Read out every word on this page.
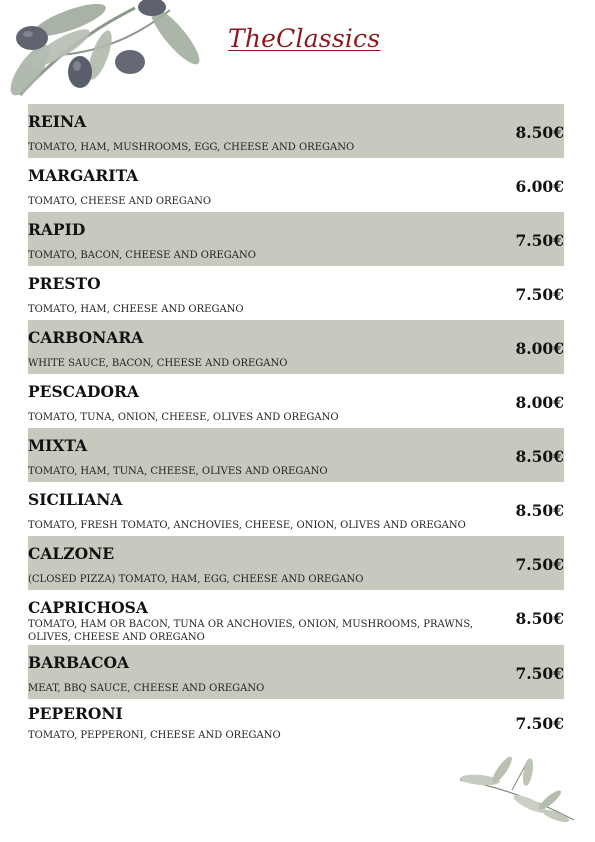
TheClassics
REINA
TOMATO, HAM, MUSHROOMS, EGG, CHEESE AND OREGANO
8.50€
MARGARITA
TOMATO, CHEESE AND OREGANO
6.00€
RAPID
TOMATO, BACON, CHEESE AND OREGANO
7.50€
PRESTO
TOMATO, HAM, CHEESE AND OREGANO
7.50€
CARBONARA
WHITE SAUCE, BACON, CHEESE AND OREGANO
8.00€
PESCADORA
TOMATO, TUNA, ONION, CHEESE, OLIVES AND OREGANO
8.00€
MIXTA
TOMATO, HAM, TUNA, CHEESE, OLIVES AND OREGANO
8.50€
SICILIANA
TOMATO, FRESH TOMATO, ANCHOVIES, CHEESE, ONION, OLIVES AND OREGANO
8.50€
CALZONE
(CLOSED PIZZA) TOMATO, HAM, EGG, CHEESE AND OREGANO
7.50€
CAPRICHOSA
TOMATO, HAM OR BACON, TUNA OR ANCHOVIES, ONION, MUSHROOMS, PRAWNS, OLIVES, CHEESE AND OREGANO
8.50€
BARBACOA
MEAT, BBQ SAUCE, CHEESE AND OREGANO
7.50€
PEPERONI
TOMATO, PEPPERONI, CHEESE AND OREGANO
7.50€
